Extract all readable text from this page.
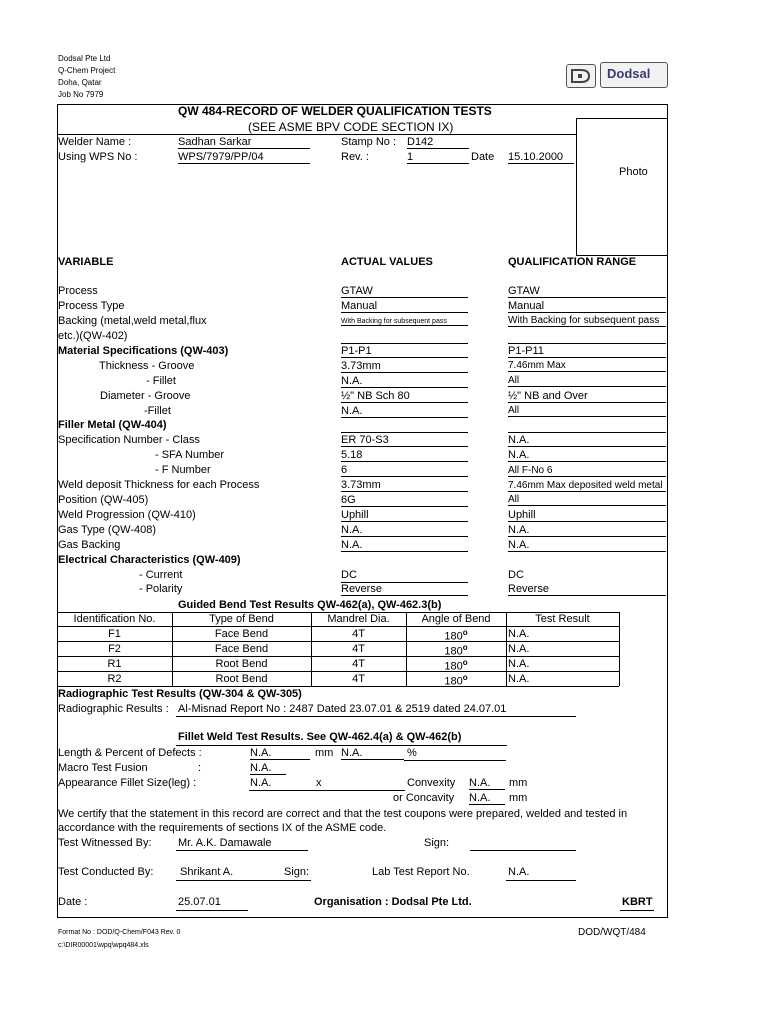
Dodsal Pte Ltd
Q-Chem Project
Doha, Qatar
Job No 7979
Dodsal
QW 484-RECORD OF WELDER QUALIFICATION TESTS
(SEE ASME BPV CODE SECTION IX)
Photo
Welder Name :	Sadhan Sarkar	Stamp No : D142
Using WPS No :	WPS/7979/PP/04	Rev. :	1	Date 15.10.2000
VARIABLE	ACTUAL VALUES	QUALIFICATION RANGE
Process	GTAW	GTAW
Process Type	Manual	Manual
Backing (metal,weld metal,flux	With Backing for subsequent pass	With Backing for subsequent pass
etc.)(QW-402)
Material Specifications (QW-403)	P1-P1	P1-P11
Thickness - Groove	3.73mm	7.46mm Max
- Fillet	N.A.	All
Diameter - Groove	½" NB Sch 80	½" NB and Over
-Fillet	N.A.	All
Filler Metal (QW-404)
Specification Number - Class	ER 70-S3	N.A.
- SFA Number	5.18	N.A.
- F Number	6	All F-No 6
Weld deposit Thickness for each Process	3.73mm	7.46mm Max deposited weld metal
Position (QW-405)	6G	All
Weld Progression (QW-410)	Uphill	Uphill
Gas Type (QW-408)	N.A.	N.A.
Gas Backing	N.A.	N.A.
Electrical Characteristics (QW-409)
- Current	DC	DC
- Polarity	Reverse	Reverse
Guided Bend Test Results QW-462(a), QW-462.3(b)
Identification No.	Type of Bend	Mandrel Dia.	Angle of Bend	Test Result
F1	Face Bend	4T	180$^o$	N.A.
F2	Face Bend	4T	180$^o$	N.A.
R1	Root Bend	4T	180$^o$	N.A.
R2	Root Bend	4T	180$^o$	N.A.
Radiographic Test Results (QW-304 & QW-305)
Radiographic Results : Al-Misnad Report No : 2487 Dated 23.07.01 & 2519 dated 24.07.01
Fillet Weld Test Results. See QW-462.4(a) & QW-462(b)
Length & Percent of Defects :	N.A.	mm N.A.	%
Macro Test Fusion	:	N.A.
Appearance Fillet Size(leg) :	N.A.	x	Convexity N.A.	mm
or Concavity N.A.	mm
We certify that the statement in this record are correct and that the test coupons were prepared, welded and tested in
accordance with the requirements of sections IX of the ASME code.
Test Witnessed By: Mr. A.K. Damawale	Sign:
Test Conducted By: Shrikant A.	Sign:	Lab Test Report No.	N.A.
Date :	25.07.01	Organisation : Dodsal Pte Ltd.	KBRT
Format No : DOD/Q-Chem/F043 Rev. 0	DOD/WQT/484
c:\DIR00001\wpq\wpq484.xls
